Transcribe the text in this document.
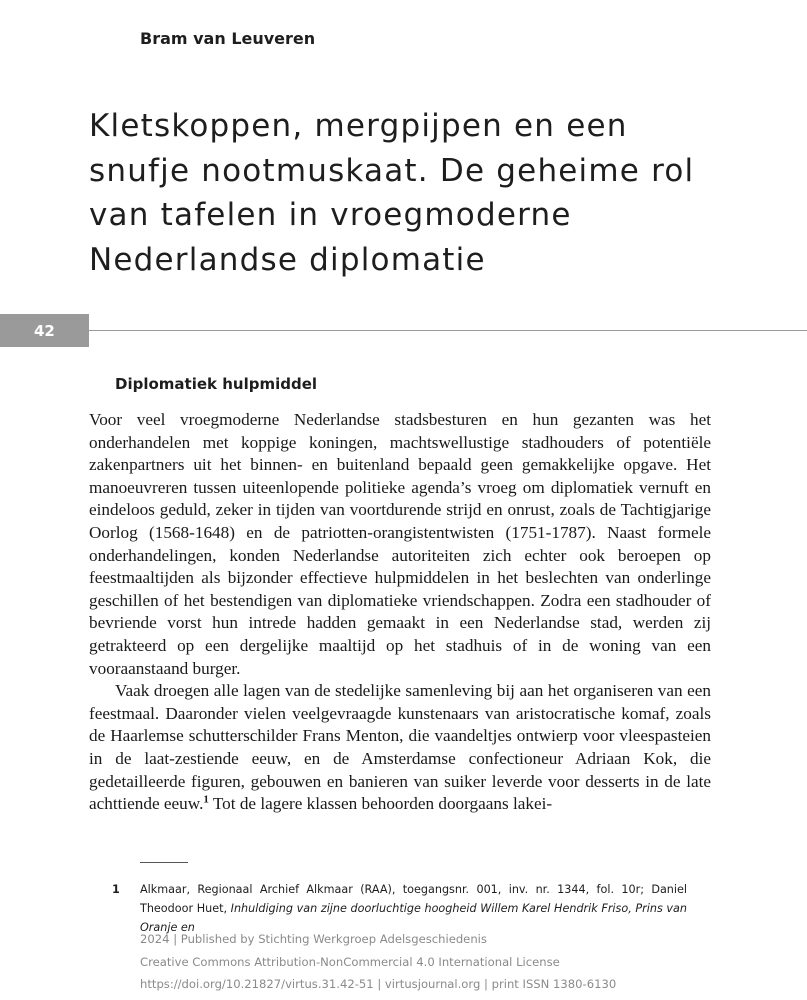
Bram van Leuveren
Kletskoppen, mergpijpen en een snufje nootmuskaat. De geheime rol van tafelen in vroegmoderne Nederlandse diplomatie
42
Diplomatiek hulpmiddel

Voor veel vroegmoderne Nederlandse stadsbesturen en hun gezanten was het onderhandelen met koppige koningen, machtswellustige stadhouders of potentiële zakenpartners uit het binnen- en buitenland bepaald geen gemakkelijke opgave. Het manoeuvreren tussen uiteenlopende politieke agenda’s vroeg om diplomatiek vernuft en eindeloos geduld, zeker in tijden van voortdurende strijd en onrust, zoals de Tachtigjarige Oorlog (1568-1648) en de patriotten-orangistentwisten (1751-1787). Naast formele onderhandelingen, konden Nederlandse autoriteiten zich echter ook beroepen op feestmaaltijden als bijzonder effectieve hulpmiddelen in het beslechten van onderlinge geschillen of het bestendigen van diplomatieke vriendschappen. Zodra een stadhouder of bevriende vorst hun intrede hadden gemaakt in een Nederlandse stad, werden zij getrakteerd op een dergelijke maaltijd op het stadhuis of in de woning van een vooraanstaand burger.

Vaak droegen alle lagen van de stedelijke samenleving bij aan het organiseren van een feestmaal. Daaronder vielen veelgevraagde kunstenaars van aristocratische komaf, zoals de Haarlemse schutterschilder Frans Menton, die vaandeltjes ontwierp voor vleespasteien in de laat-zestiende eeuw, en de Amsterdamse confectioneur Adriaan Kok, die gedetailleerde figuren, gebouwen en banieren van suiker leverde voor desserts in de late achttiende eeuw.$^1$ Tot de lagere klassen behoorden doorgaans lakei-

1 Alkmaar, Regionaal Archief Alkmaar (RAA), toegangsnr. 001, inv. nr. 1344, fol. 10r; Daniel Theodoor Huet, Inhuldiging van zijne doorluchtige hoogheid Willem Karel Hendrik Friso, Prins van Oranje en
2024 | Published by Stichting Werkgroep Adelsgeschiedenis
Creative Commons Attribution-NonCommercial 4.0 International License
https://doi.org/10.21827/virtus.31.42-51 | virtusjournal.org | print ISSN 1380-6130
